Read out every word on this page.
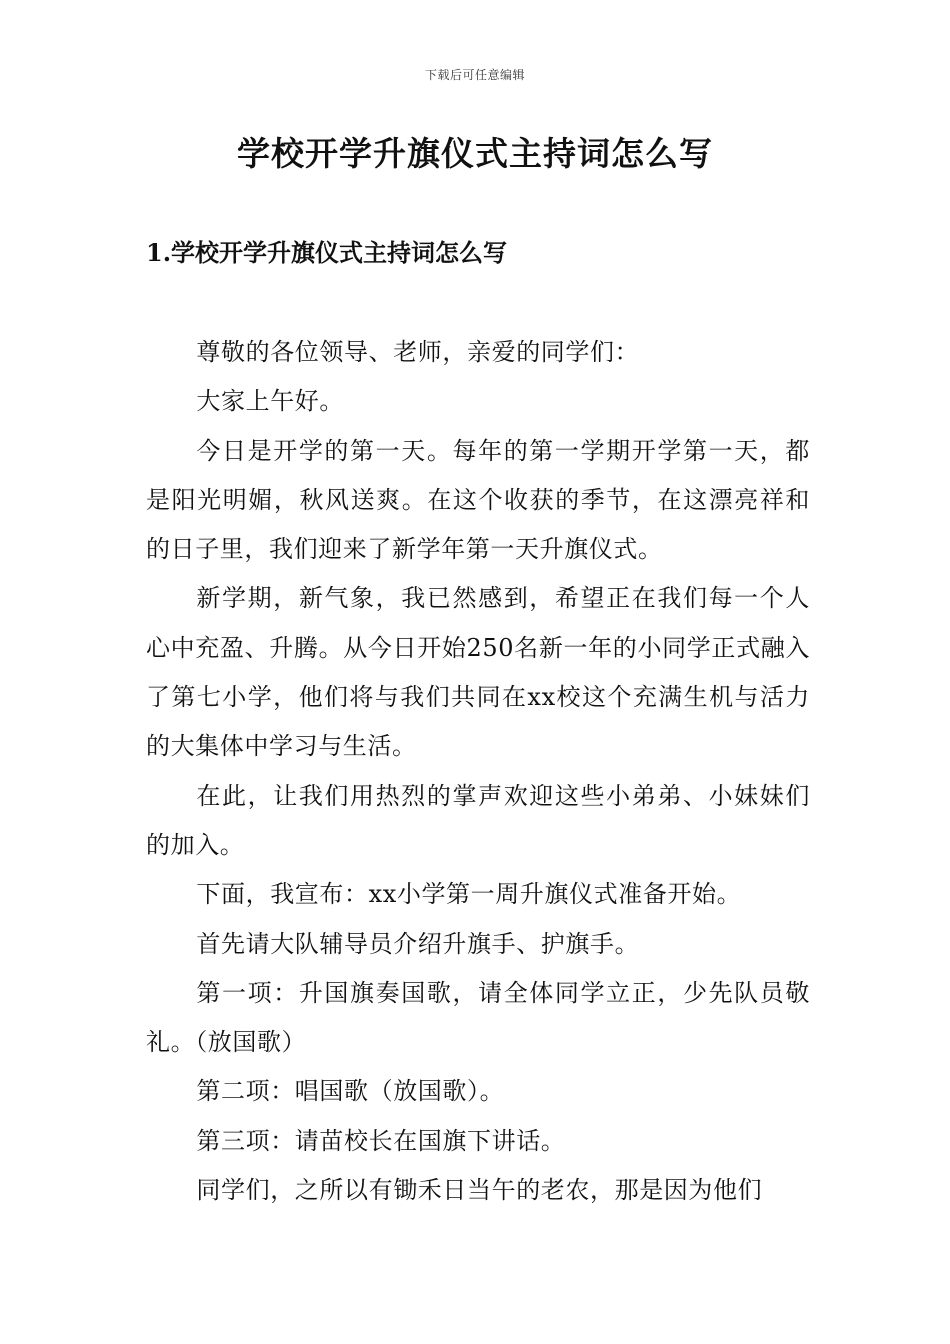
下载后可任意编辑
学校开学升旗仪式主持词怎么写
1.学校开学升旗仪式主持词怎么写

尊敬的各位领导、老师，亲爱的同学们：

大家上午好。

今日是开学的第一天。每年的第一学期开学第一天，都是阳光明媚，秋风送爽。在这个收获的季节，在这漂亮祥和的日子里，我们迎来了新学年第一天升旗仪式。

新学期，新气象，我已然感到，希望正在我们每一个人心中充盈、升腾。从今日开始250名新一年的小同学正式融入了第七小学，他们将与我们共同在xx校这个充满生机与活力的大集体中学习与生活。

在此，让我们用热烈的掌声欢迎这些小弟弟、小妹妹们的加入。

下面，我宣布：xx小学第一周升旗仪式准备开始。

首先请大队辅导员介绍升旗手、护旗手。

第一项：升国旗奏国歌，请全体同学立正，少先队员敬礼。（放国歌）

第二项：唱国歌（放国歌）。

第三项：请苗校长在国旗下讲话。

同学们，之所以有锄禾日当午的老农，那是因为他们
